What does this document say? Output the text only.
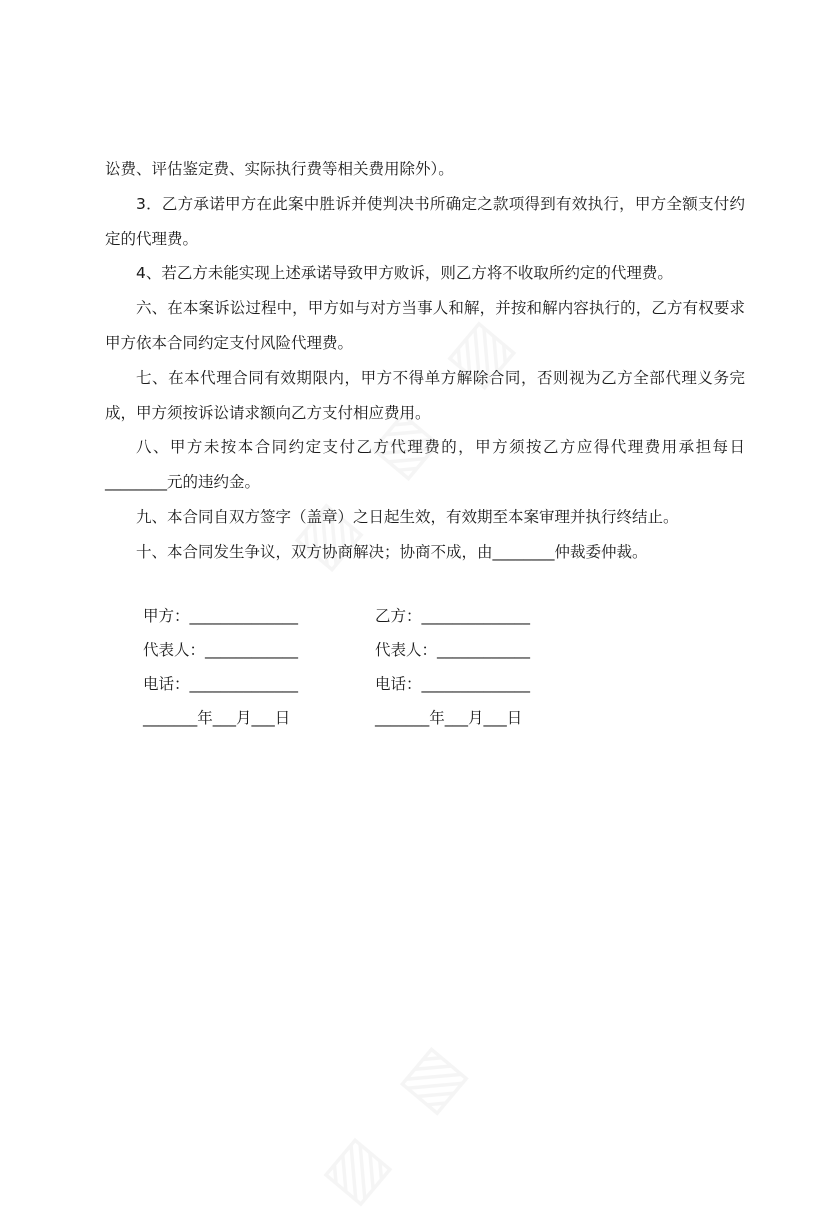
讼费、评估鉴定费、实际执行费等相关费用除外）。

3．乙方承诺甲方在此案中胜诉并使判决书所确定之款项得到有效执行，甲方全额支付约定的代理费。

4、若乙方未能实现上述承诺导致甲方败诉，则乙方将不收取所约定的代理费。

六、在本案诉讼过程中，甲方如与对方当事人和解，并按和解内容执行的，乙方有权要求甲方依本合同约定支付风险代理费。

七、在本代理合同有效期限内，甲方不得单方解除合同，否则视为乙方全部代理义务完成，甲方须按诉讼请求额向乙方支付相应费用。

八、甲方未按本合同约定支付乙方代理费的，甲方须按乙方应得代理费用承担每日________元的违约金。

九、本合同自双方签字（盖章）之日起生效，有效期至本案审理并执行终结止。

十、本合同发生争议，双方协商解决；协商不成，由________仲裁委仲裁。

甲方：______________	乙方：______________
代表人：____________	代表人：____________
电话：______________	电话：______________
_______年___月___日	_______年___月___日
